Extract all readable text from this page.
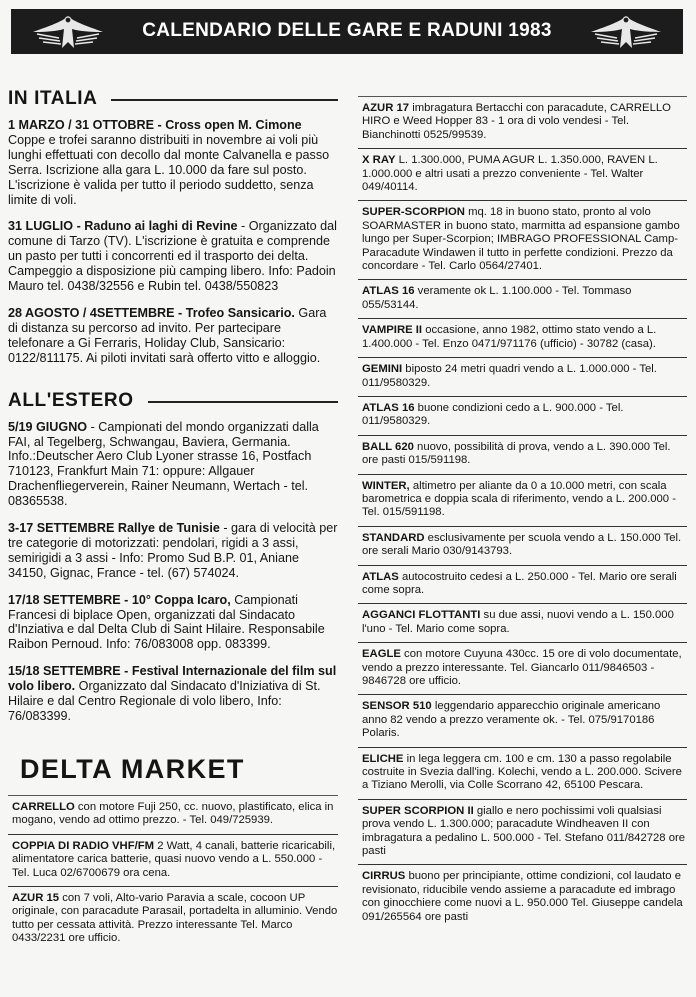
CALENDARIO DELLE GARE E RADUNI 1983
IN ITALIA

1 MARZO / 31 OTTOBRE - Cross open M. Cimone
Coppe e trofei saranno distribuiti in novembre ai voli più lunghi effettuati con decollo dal monte Calvanella e passo Serra. Iscrizione alla gara L. 10.000 da fare sul posto. L'iscrizione è valida per tutto il periodo suddetto, senza limite di voli.

31 LUGLIO - Raduno ai laghi di Revine - Organizzato dal comune di Tarzo (TV). L'iscrizione è gratuita e comprende un pasto per tutti i concorrenti ed il trasporto dei delta. Campeggio a disposizione più camping libero. Info: Padoin Mauro tel. 0438/32556 e Rubin tel. 0438/550823

28 AGOSTO / 4SETTEMBRE - Trofeo Sansicario. Gara di distanza su percorso ad invito. Per partecipare telefonare a Gi Ferraris, Holiday Club, Sansicario: 0122/811175. Ai piloti invitati sarà offerto vitto e alloggio.

ALL'ESTERO

5/19 GIUGNO - Campionati del mondo organizzati dalla FAI, al Tegelberg, Schwangau, Baviera, Germania. Info.:Deutscher Aero Club Lyoner strasse 16, Postfach 710123, Frankfurt Main 71: oppure: Allgauer Drachenfliegerverein, Rainer Neumann, Wertach - tel. 08365538.

3-17 SETTEMBRE Rallye de Tunisie - gara di velocità per tre categorie di motorizzati: pendolari, rigidi a 3 assi, semirigidi a 3 assi - Info: Promo Sud B.P. 01, Aniane 34150, Gignac, France - tel. (67) 574024.

17/18 SETTEMBRE - 10° Coppa Icaro, Campionati Francesi di biplace Open, organizzati dal Sindacato d'Inziativa e dal Delta Club di Saint Hilaire. Responsabile Raibon Pernoud. Info: 76/083008 opp. 083399.

15/18 SETTEMBRE - Festival Internazionale del film sul volo libero. Organizzato dal Sindacato d'Iniziativa di St. Hilaire e dal Centro Regionale di volo libero, Info: 76/083399.

DELTA MARKET
CARRELLO con motore Fuji 250, cc. nuovo, plastificato, elica in mogano, vendo ad ottimo prezzo. - Tel. 049/725939.
COPPIA DI RADIO VHF/FM 2 Watt, 4 canali, batterie ricaricabili, alimentatore carica batterie, quasi nuovo vendo a L. 550.000 - Tel. Luca 02/6700679 ora cena.
AZUR 15 con 7 voli, Alto-vario Paravia a scale, cocoon UP originale, con paracadute Parasail, portadelta in alluminio. Vendo tutto per cessata attività. Prezzo interessante Tel. Marco 0433/2231 ore ufficio.
AZUR 17 imbragatura Bertacchi con paracadute, CARRELLO HIRO e Weed Hopper 83 - 1 ora di volo vendesi - Tel. Bianchinotti 0525/99539.
X RAY L. 1.300.000, PUMA AGUR L. 1.350.000, RAVEN L. 1.000.000 e altri usati a prezzo conveniente - Tel. Walter 049/40114.
SUPER-SCORPION mq. 18 in buono stato, pronto al volo SOARMASTER in buono stato, marmitta ad espansione gambo lungo per Super-Scorpion; IMBRAGO PROFESSIONAL Camp-Paracadute Windawen il tutto in perfette condizioni. Prezzo da concordare - Tel. Carlo 0564/27401.
ATLAS 16 veramente ok L. 1.100.000 - Tel. Tommaso 055/53144.
VAMPIRE II occasione, anno 1982, ottimo stato vendo a L. 1.400.000 - Tel. Enzo 0471/971176 (ufficio) - 30782 (casa).
GEMINI biposto 24 metri quadri vendo a L. 1.000.000 - Tel. 011/9580329.
ATLAS 16 buone condizioni cedo a L. 900.000 - Tel. 011/9580329.
BALL 620 nuovo, possibilità di prova, vendo a L. 390.000 Tel. ore pasti 015/591198.
WINTER, altimetro per aliante da 0 a 10.000 metri, con scala barometrica e doppia scala di riferimento, vendo a L. 200.000 - Tel. 015/591198.
STANDARD esclusivamente per scuola vendo a L. 150.000 Tel. ore serali Mario 030/9143793.
ATLAS autocostruito cedesi a L. 250.000 - Tel. Mario ore serali come sopra.
AGGANCI FLOTTANTI su due assi, nuovi vendo a L. 150.000 l'uno - Tel. Mario come sopra.
EAGLE con motore Cuyuna 430cc. 15 ore di volo documentate, vendo a prezzo interessante. Tel. Giancarlo 011/9846503 - 9846728 ore ufficio.
SENSOR 510 leggendario apparecchio originale americano anno 82 vendo a prezzo veramente ok. - Tel. 075/9170186 Polaris.
ELICHE in lega leggera cm. 100 e cm. 130 a passo regolabile costruite in Svezia dall'ing. Kolechi, vendo a L. 200.000. Scivere a Tiziano Merolli, via Colle Scorrano 42, 65100 Pescara.
SUPER SCORPION II giallo e nero pochissimi voli qualsiasi prova vendo L. 1.300.000; paracadute Windheaven II con imbragatura a pedalino L. 500.000 - Tel. Stefano 011/842728 ore pasti
CIRRUS buono per principiante, ottime condizioni, col laudato e revisionato, riducibile vendo assieme a paracadute ed imbrago con ginocchiere come nuovi a L. 950.000 Tel. Giuseppe candela 091/265564 ore pasti
